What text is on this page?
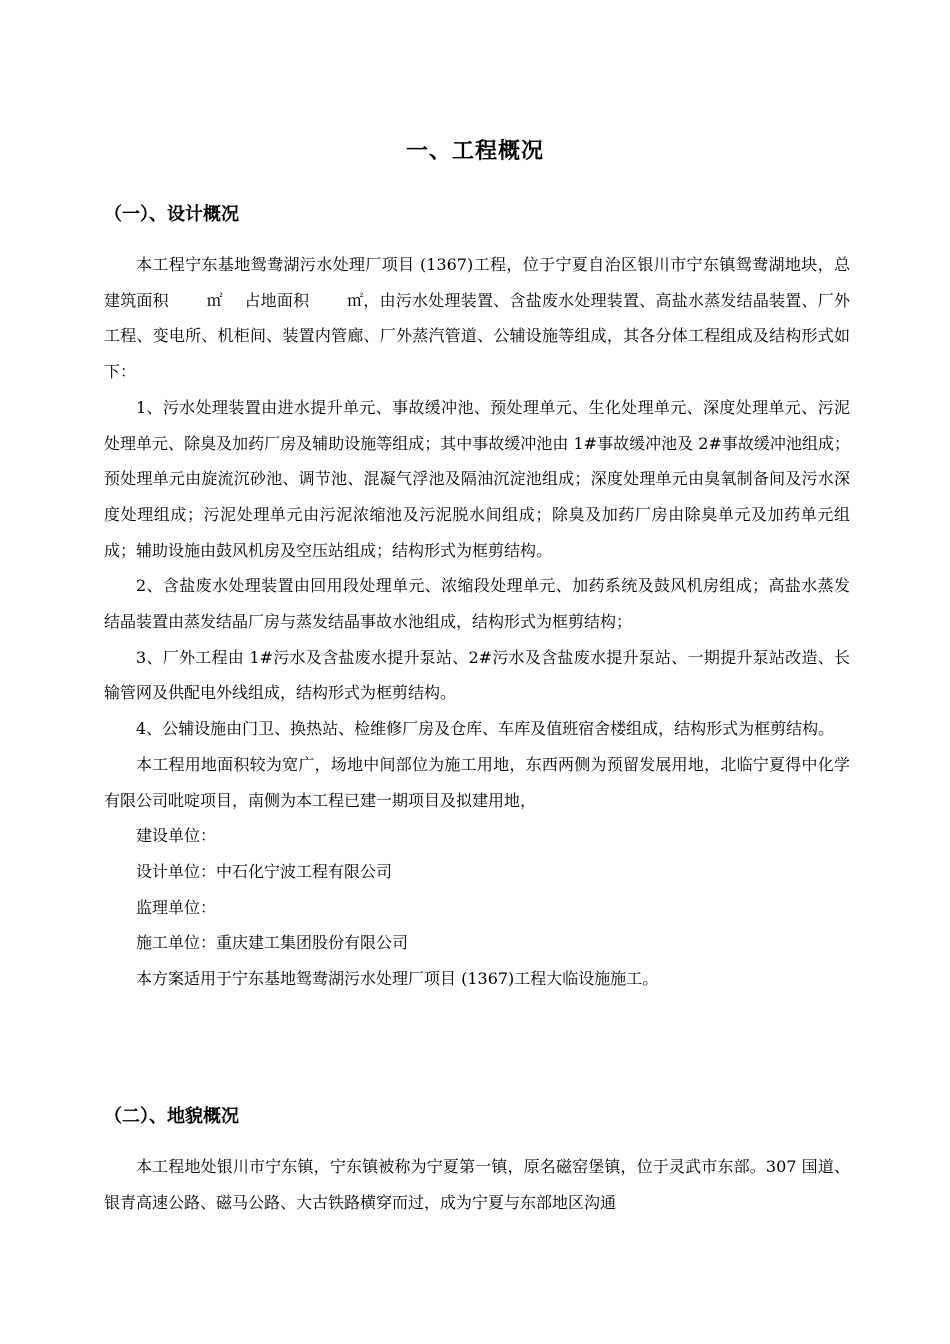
一、工程概况
（一）、设计概况

本工程宁东基地鸳鸯湖污水处理厂项目 (1367)工程，位于宁夏自治区银川市宁东镇鸳鸯湖地块，总建筑面积　　 ㎡　 占地面积　　 ㎡，由污水处理装置、含盐废水处理装置、高盐水蒸发结晶装置、厂外工程、变电所、机柜间、装置内管廊、厂外蒸汽管道、公辅设施等组成，其各分体工程组成及结构形式如下：

1、污水处理装置由进水提升单元、事故缓冲池、预处理单元、生化处理单元、深度处理单元、污泥处理单元、除臭及加药厂房及辅助设施等组成；其中事故缓冲池由 1#事故缓冲池及 2#事故缓冲池组成；预处理单元由旋流沉砂池、调节池、混凝气浮池及隔油沉淀池组成；深度处理单元由臭氧制备间及污水深度处理组成；污泥处理单元由污泥浓缩池及污泥脱水间组成；除臭及加药厂房由除臭单元及加药单元组成；辅助设施由鼓风机房及空压站组成；结构形式为框剪结构。

2、含盐废水处理装置由回用段处理单元、浓缩段处理单元、加药系统及鼓风机房组成；高盐水蒸发结晶装置由蒸发结晶厂房与蒸发结晶事故水池组成，结构形式为框剪结构；

3、厂外工程由 1#污水及含盐废水提升泵站、2#污水及含盐废水提升泵站、一期提升泵站改造、长输管网及供配电外线组成，结构形式为框剪结构。

4、公辅设施由门卫、换热站、检维修厂房及仓库、车库及值班宿舍楼组成，结构形式为框剪结构。

本工程用地面积较为宽广，场地中间部位为施工用地，东西两侧为预留发展用地，北临宁夏得中化学有限公司吡啶项目，南侧为本工程已建一期项目及拟建用地，

建设单位：

设计单位：中石化宁波工程有限公司

监理单位：

施工单位：重庆建工集团股份有限公司

本方案适用于宁东基地鸳鸯湖污水处理厂项目 (1367)工程大临设施施工。

（二）、地貌概况

本工程地处银川市宁东镇，宁东镇被称为宁夏第一镇，原名磁窑堡镇，位于灵武市东部。307 国道、银青高速公路、磁马公路、大古铁路横穿而过，成为宁夏与东部地区沟通
